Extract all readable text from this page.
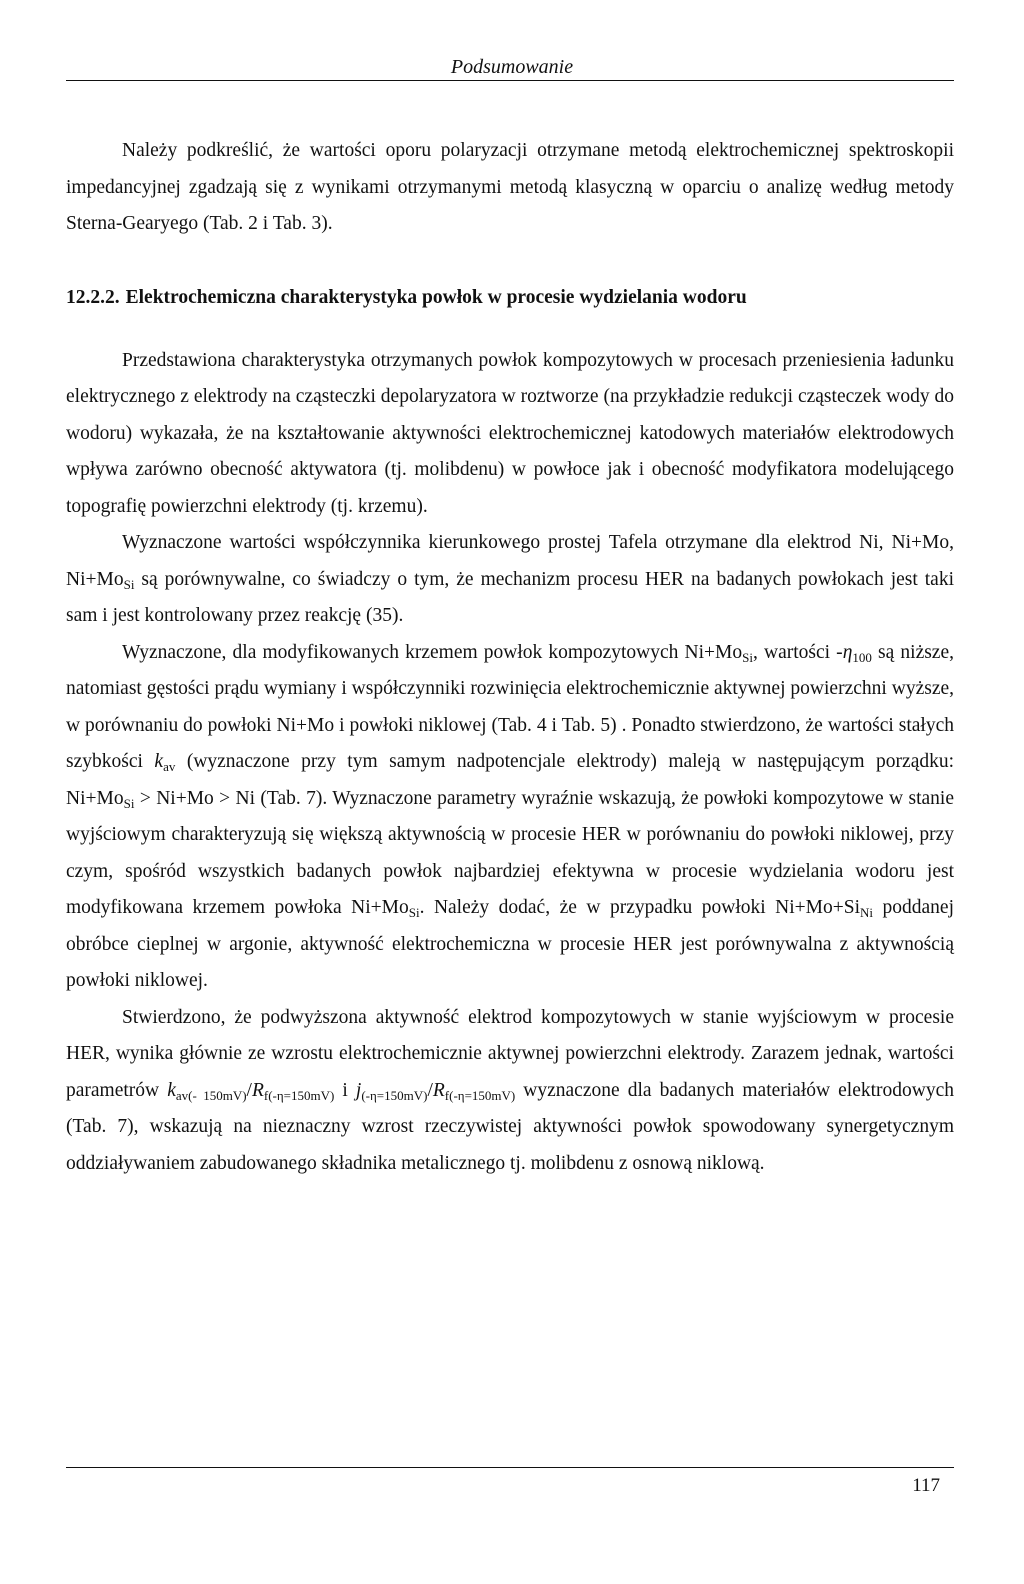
Podsumowanie

Należy podkreślić, że wartości oporu polaryzacji otrzymane metodą elektrochemicznej spektroskopii impedancyjnej zgadzają się z wynikami otrzymanymi metodą klasyczną w oparciu o analizę według metody Sterna-Gearyego (Tab. 2 i Tab. 3).

12.2.2. Elektrochemiczna charakterystyka powłok w procesie wydzielania wodoru

Przedstawiona charakterystyka otrzymanych powłok kompozytowych w procesach przeniesienia ładunku elektrycznego z elektrody na cząsteczki depolaryzatora w roztworze (na przykładzie redukcji cząsteczek wody do wodoru) wykazała, że na kształtowanie aktywności elektrochemicznej katodowych materiałów elektrodowych wpływa zarówno obecność aktywatora (tj. molibdenu) w powłoce jak i obecność modyfikatora modelującego topografię powierzchni elektrody (tj. krzemu).

Wyznaczone wartości współczynnika kierunkowego prostej Tafela otrzymane dla elektrod Ni, Ni+Mo, $Ni+Mo_{Si}$ są porównywalne, co świadczy o tym, że mechanizm procesu HER na badanych powłokach jest taki sam i jest kontrolowany przez reakcję (35).

Wyznaczone, dla modyfikowanych krzemem powłok kompozytowych $Ni+Mo_{Si}$, wartości $-\eta_{100}$ są niższe, natomiast gęstości prądu wymiany i współczynniki rozwinięcia elektrochemicznie aktywnej powierzchni wyższe, w porównaniu do powłoki Ni+Mo i powłoki niklowej (Tab. 4 i Tab. 5) . Ponadto stwierdzono, że wartości stałych szybkości $k_{av}$ (wyznaczone przy tym samym nadpotencjale elektrody) maleją w następującym porządku: $Ni+Mo_{Si} > Ni+Mo > Ni$ (Tab. 7). Wyznaczone parametry wyraźnie wskazują, że powłoki kompozytowe w stanie wyjściowym charakteryzują się większą aktywnością w procesie HER w porównaniu do powłoki niklowej, przy czym, spośród wszystkich badanych powłok najbardziej efektywna w procesie wydzielania wodoru jest modyfikowana krzemem powłoka $Ni+Mo_{Si}$. Należy dodać, że w przypadku powłoki $Ni+Mo+Si_{Ni}$ poddanej obróbce cieplnej w argonie, aktywność elektrochemiczna w procesie HER jest porównywalna z aktywnością powłoki niklowej.

Stwierdzono, że podwyższona aktywność elektrod kompozytowych w stanie wyjściowym w procesie HER, wynika głównie ze wzrostu elektrochemicznie aktywnej powierzchni elektrody. Zarazem jednak, wartości parametrów $k_{av(- 150mV)}/R_{f(-\eta=150mV)}$ i $j_{(-\eta=150mV)}/R_{f(-\eta=150mV)}$ wyznaczone dla badanych materiałów elektrodowych (Tab. 7), wskazują na nieznaczny wzrost rzeczywistej aktywności powłok spowodowany synergetycznym oddziaływaniem zabudowanego składnika metalicznego tj. molibdenu z osnową niklową.

117
